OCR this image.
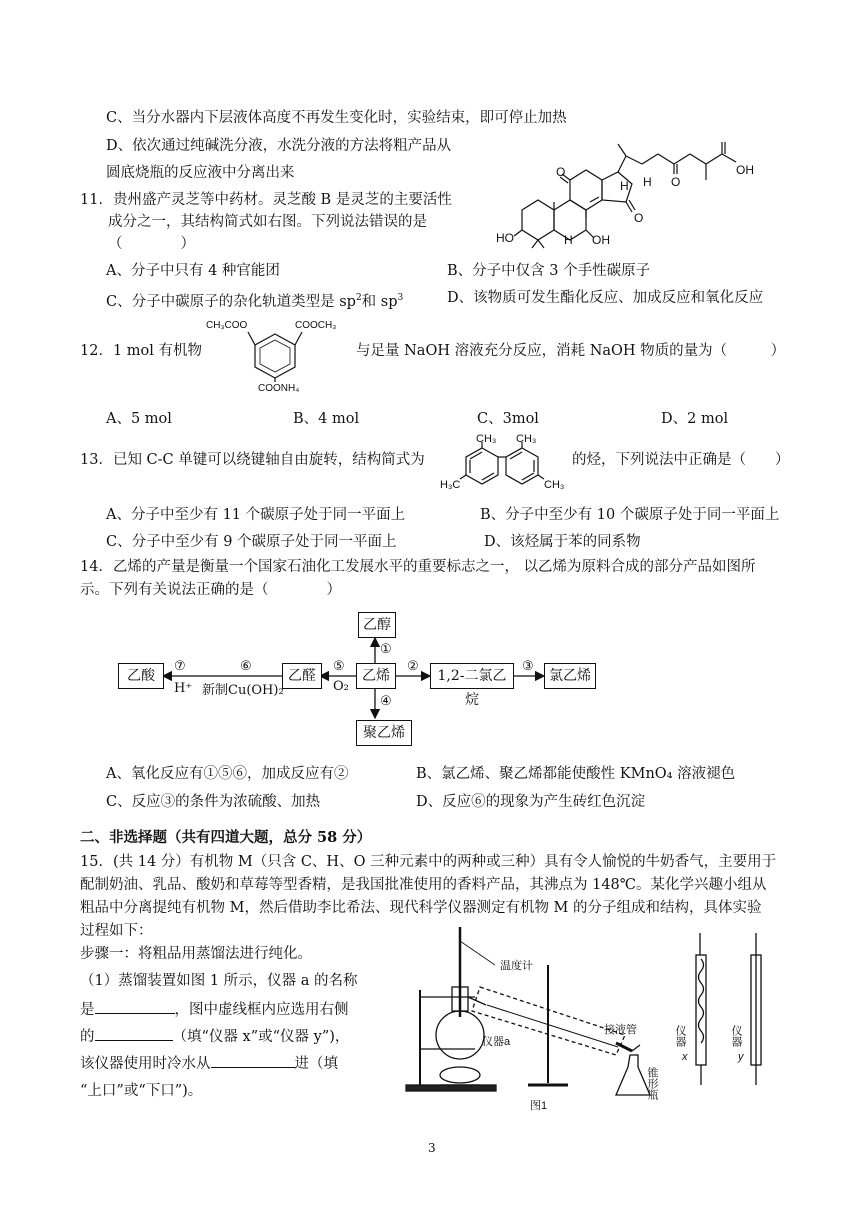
C、当分水器内下层液体高度不再发生变化时，实验结束，即可停止加热
D、依次通过纯碱洗分液，水洗分液的方法将粗产品从
圆底烧瓶的反应液中分离出来
11．贵州盛产灵芝等中药材。灵芝酸 B 是灵芝的主要活性
成分之一，其结构简式如右图。下列说法错误的是
（　　　　）
O
O
O
H H
OH
HO	H OH
A、分子中只有 4 种官能团	B、分子中仅含 3 个手性碳原子
C、分子中碳原子的杂化轨道类型是 $sp^2$和 $sp^3$	D、该物质可发生酯化反应、加成反应和氧化反应
12．1 mol 有机物
CH₃COO	COOCH₃
COONH₄
与足量 NaOH 溶液充分反应，消耗 NaOH 物质的量为（　　　）
A、5 mol	B、4 mol	C、3mol	D、2 mol
13．已知 C-C 单键可以绕键轴自由旋转，结构简式为
CH₃ CH₃
H₃C	CH₃
的烃，下列说法中正确是（　　）
A、分子中至少有 11 个碳原子处于同一平面上	B、分子中至少有 10 个碳原子处于同一平面上
C、分子中至少有 9 个碳原子处于同一平面上	D、该烃属于苯的同系物
14．乙烯的产量是衡量一个国家石油化工发展水平的重要标志之一， 以乙烯为原料合成的部分产品如图所
示。下列有关说法正确的是（　　　　）
乙醇
乙酸	乙醛	乙烯	1,2-二氯乙烷
氯乙烯
聚乙烯
①
②	③
④
⑤
⑥
⑦
O₂
H⁺ 新制Cu(OH)₂
A、氧化反应有①⑤⑥，加成反应有②	B、氯乙烯、聚乙烯都能使酸性 KMnO₄ 溶液褪色
C、反应③的条件为浓硫酸、加热	D、反应⑥的现象为产生砖红色沉淀
二、非选择题（共有四道大题，总分 58 分）
15．(共 14 分）有机物 M（只含 C、H、O 三种元素中的两种或三种）具有令人愉悦的牛奶香气，主要用于
配制奶油、乳品、酸奶和草莓等型香精，是我国批准使用的香料产品，其沸点为 148℃。某化学兴趣小组从
粗品中分离提纯有机物 M，然后借助李比希法、现代科学仪器测定有机物 M 的分子组成和结构，具体实验
过程如下：
步骤一：将粗品用蒸馏法进行纯化。
（1）蒸馏装置如图 1 所示，仪器 a 的名称
是	，图中虚线框内应选用右侧
的	（填“仪器 x”或“仪器 y”)，
该仪器使用时冷水从	进（填
“上口”或“下口”)。
温度计
仪器a
接液管
锥形瓶
仪器
x
仪器
y
图1
3
